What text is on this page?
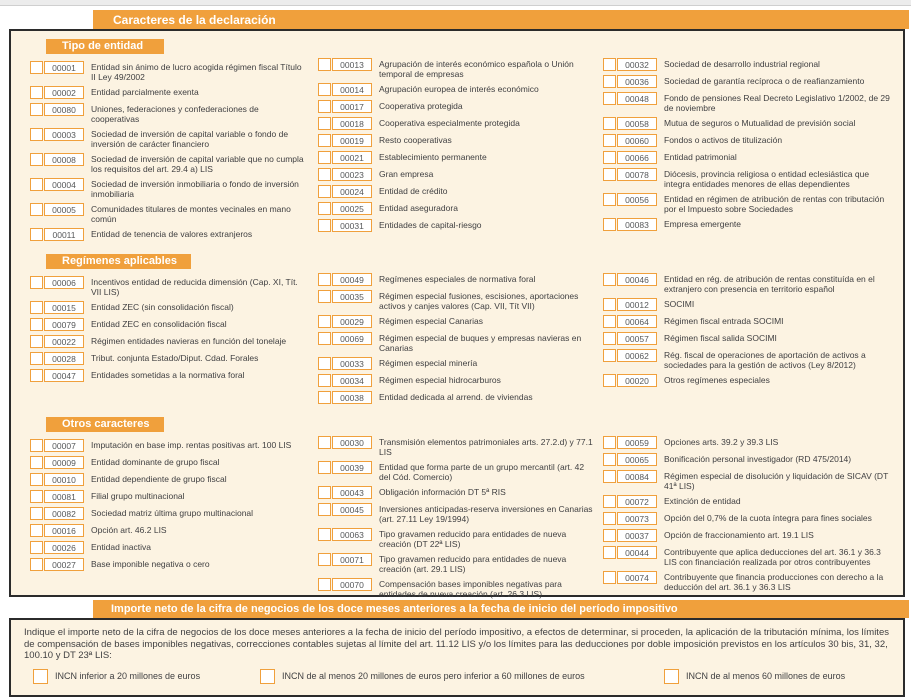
Caracteres de la declaración
Tipo de entidad
00001	Entidad sin ánimo de lucro acogida régimen fiscal Título II Ley 49/2002
00002	Entidad parcialmente exenta
00080	Uniones, federaciones y confederaciones de cooperativas
00003	Sociedad de inversión de capital variable o fondo de inversión de carácter financiero
00008	Sociedad de inversión de capital variable que no cumpla los requisitos del art. 29.4 a) LIS
00004	Sociedad de inversión inmobiliaria o fondo de inversión inmobiliaria
00005	Comunidades titulares de montes vecinales en mano común
00011	Entidad de tenencia de valores extranjeros
00013	Agrupación de interés económico española o Unión temporal de empresas
00014	Agrupación europea de interés económico
00017	Cooperativa protegida
00018	Cooperativa especialmente protegida
00019	Resto cooperativas
00021	Establecimiento permanente
00023	Gran empresa
00024	Entidad de crédito
00025	Entidad aseguradora
00031	Entidades de capital-riesgo
00032	Sociedad de desarrollo industrial regional
00036	Sociedad de garantía recíproca o de reafianzamiento
00048	Fondo de pensiones Real Decreto Legislativo 1/2002, de 29 de noviembre
00058	Mutua de seguros o Mutualidad de previsión social
00060	Fondos o activos de titulización
00066	Entidad patrimonial
00078	Diócesis, provincia religiosa o entidad eclesiástica que integra entidades menores de ellas dependientes
00056	Entidad en régimen de atribución de rentas con tributación por el Impuesto sobre Sociedades
00083	Empresa emergente
Regímenes aplicables
00006	Incentivos entidad de reducida dimensión (Cap. XI, Tít. VII LIS)
00015	Entidad ZEC (sin consolidación fiscal)
00079	Entidad ZEC en consolidación fiscal
00022	Régimen entidades navieras en función del tonelaje
00028	Tribut. conjunta Estado/Diput. Cdad. Forales
00047	Entidades sometidas a la normativa foral
00049	Regímenes especiales de normativa foral
00035	Régimen especial fusiones, escisiones, aportaciones activos y canjes valores (Cap. VII, Tít VII)
00029	Régimen especial Canarias
00069	Régimen especial de buques y empresas navieras en Canarias
00033	Régimen especial minería
00034	Régimen especial hidrocarburos
00038	Entidad dedicada al arrend. de viviendas
00046	Entidad en rég. de atribución de rentas constituída en el extranjero con presencia en territorio español
00012	SOCIMI
00064	Régimen fiscal entrada SOCIMI
00057	Régimen fiscal salida SOCIMI
00062	Rég. fiscal de operaciones de aportación de activos a sociedades para la gestión de activos (Ley 8/2012)
00020	Otros regímenes especiales
Otros caracteres
00007	Imputación en base imp. rentas positivas art. 100 LIS
00009	Entidad dominante de grupo fiscal
00010	Entidad dependiente de grupo fiscal
00081	Filial grupo multinacional
00082	Sociedad matriz última grupo multinacional
00016	Opción art. 46.2 LIS
00026	Entidad inactiva
00027	Base imponible negativa o cero
00030	Transmisión elementos patrimoniales arts. 27.2.d) y 77.1 LIS
00039	Entidad que forma parte de un grupo mercantil (art. 42 del Cód. Comercio)
00043	Obligación información DT 5ª RIS
00045	Inversiones anticipadas-reserva inversiones en Canarias (art. 27.11 Ley 19/1994)
00063	Tipo gravamen reducido para entidades de nueva creación (DT 22ª LIS)
00071	Tipo gravamen reducido para entidades de nueva creación (art. 29.1 LIS)
00070	Compensación bases imponibles negativas para entidades de nueva creación (art. 26.3 LIS)
00059	Opciones arts. 39.2 y 39.3 LIS
00065	Bonificación personal investigador (RD 475/2014)
00084	Régimen especial de disolución y liquidación de SICAV (DT 41ª LIS)
00072	Extinción de entidad
00073	Opción del 0,7% de la cuota íntegra para fines sociales
00037	Opción de fraccionamiento art. 19.1 LIS
00044	Contribuyente que aplica deducciones del art. 36.1 y 36.3 LIS con financiación realizada por otros contribuyentes
00074	Contribuyente que financia producciones con derecho a la deducción del art. 36.1 y 36.3 LIS
Importe neto de la cifra de negocios de los doce meses anteriores a la fecha de inicio del período impositivo

Indique el importe neto de la cifra de negocios de los doce meses anteriores a la fecha de inicio del período impositivo, a efectos de determinar, si proceden, la aplicación de la tributación mínima, los límites de compensación de bases imponibles negativas, correcciones contables sujetas al límite del art. 11.12 LIS y/o los límites para las deducciones por doble imposición previstos en los artículos 30 bis, 31, 32, 100.10 y DT 23ª LIS:

INCN inferior a 20 millones de euros	INCN de al menos 20 millones de euros pero inferior a 60 millones de euros	INCN de al menos 60 millones de euros
